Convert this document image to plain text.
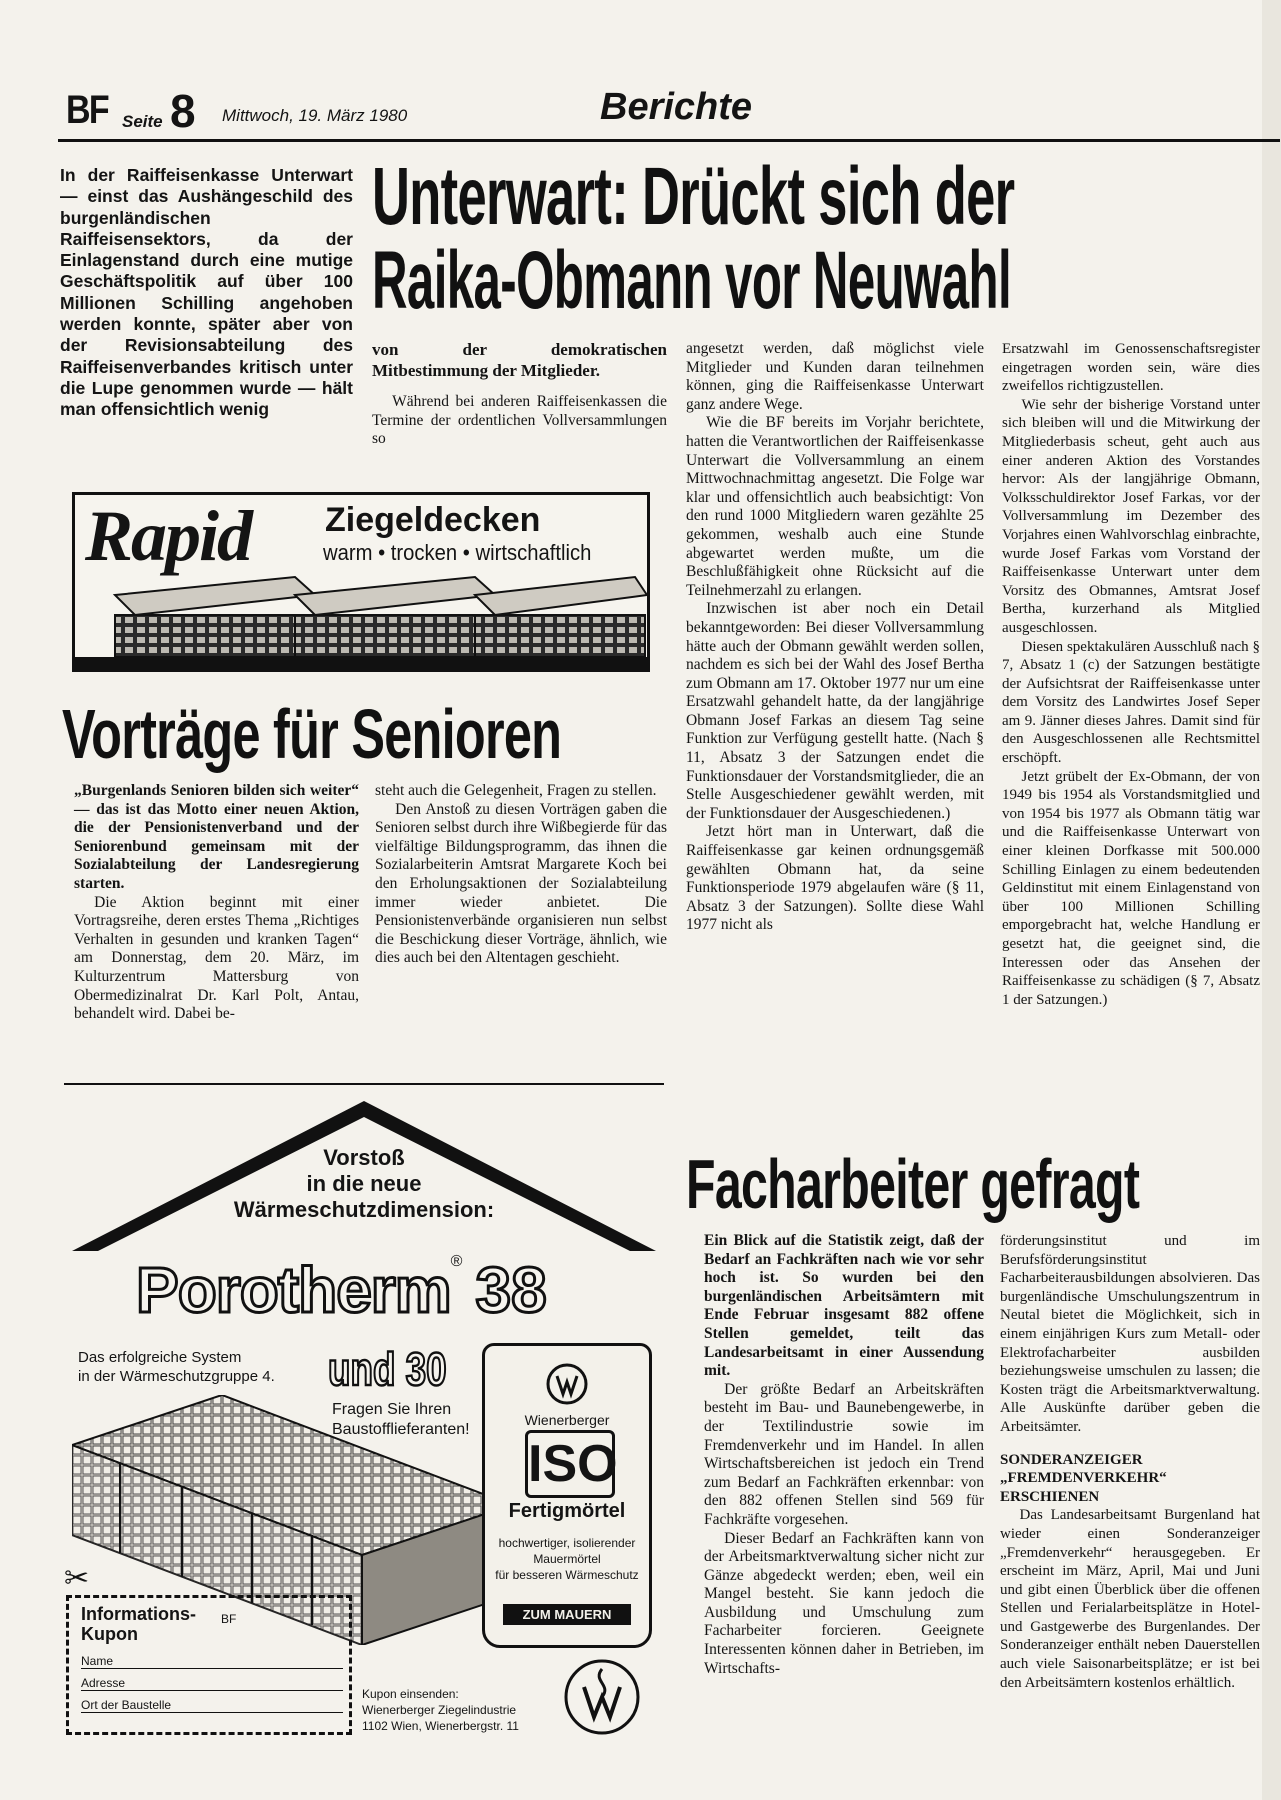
BF Seite 8 Mittwoch, 19. März 1980	Berichte
In der Raiffeisenkasse Unterwart — einst das Aushängeschild des burgenländischen Raiffeisensektors, da der Einlagenstand durch eine mutige Geschäftspolitik auf über 100 Millionen Schilling angehoben werden konnte, später aber von der Revisionsabteilung des Raiffeisenverbandes kritisch unter die Lupe genommen wurde — hält man offensichtlich wenig
Unterwart: Drückt sich der
Raika-Obmann vor Neuwahl

von der demokratischen Mitbestimmung der Mitglieder.

Während bei anderen Raiffeisenkassen die Termine der ordentlichen Vollversammlungen so

angesetzt werden, daß möglichst viele Mitglieder und Kunden daran teilnehmen können, ging die Raiffeisenkasse Unterwart ganz andere Wege.

Wie die BF bereits im Vorjahr berichtete, hatten die Verantwortlichen der Raiffeisenkasse Unterwart die Vollversammlung an einem Mittwochnachmittag angesetzt. Die Folge war klar und offensichtlich auch beabsichtigt: Von den rund 1000 Mitgliedern waren gezählte 25 gekommen, weshalb auch eine Stunde abgewartet werden mußte, um die Beschlußfähigkeit ohne Rücksicht auf die Teilnehmerzahl zu erlangen.

Inzwischen ist aber noch ein Detail bekanntgeworden: Bei dieser Vollversammlung hätte auch der Obmann gewählt werden sollen, nachdem es sich bei der Wahl des Josef Bertha zum Obmann am 17. Oktober 1977 nur um eine Ersatzwahl gehandelt hatte, da der langjährige Obmann Josef Farkas an diesem Tag seine Funktion zur Verfügung gestellt hatte. (Nach § 11, Absatz 3 der Satzungen endet die Funktionsdauer der Vorstandsmitglieder, die an Stelle Ausgeschiedener gewählt werden, mit der Funktionsdauer der Ausgeschiedenen.)

Jetzt hört man in Unterwart, daß die Raiffeisenkasse gar keinen ordnungsgemäß gewählten Obmann hat, da seine Funktionsperiode 1979 abgelaufen wäre (§ 11, Absatz 3 der Satzungen). Sollte diese Wahl 1977 nicht als

Ersatzwahl im Genossenschaftsregister eingetragen worden sein, wäre dies zweifellos richtigzustellen.

Wie sehr der bisherige Vorstand unter sich bleiben will und die Mitwirkung der Mitgliederbasis scheut, geht auch aus einer anderen Aktion des Vorstandes hervor: Als der langjährige Obmann, Volksschuldirektor Josef Farkas, vor der Vollversammlung im Dezember des Vorjahres einen Wahlvorschlag einbrachte, wurde Josef Farkas vom Vorstand der Raiffeisenkasse Unterwart unter dem Vorsitz des Obmannes, Amtsrat Josef Bertha, kurzerhand als Mitglied ausgeschlossen.

Diesen spektakulären Ausschluß nach § 7, Absatz 1 (c) der Satzungen bestätigte der Aufsichtsrat der Raiffeisenkasse unter dem Vorsitz des Landwirtes Josef Seper am 9. Jänner dieses Jahres. Damit sind für den Ausgeschlossenen alle Rechtsmittel erschöpft.

Jetzt grübelt der Ex-Obmann, der von 1949 bis 1954 als Vorstandsmitglied und von 1954 bis 1977 als Obmann tätig war und die Raiffeisenkasse Unterwart von einer kleinen Dorfkasse mit 500.000 Schilling Einlagen zu einem bedeutenden Geldinstitut mit einem Einlagenstand von über 100 Millionen Schilling emporgebracht hat, welche Handlung er gesetzt hat, die geeignet sind, die Interessen oder das Ansehen der Raiffeisenkasse zu schädigen (§ 7, Absatz 1 der Satzungen.)

Rapid Ziegeldecken
warm • trocken • wirtschaftlich
Vorträge für Senioren

„Burgenlands Senioren bilden sich weiter“ — das ist das Motto einer neuen Aktion, die der Pensionistenverband und der Seniorenbund gemeinsam mit der Sozialabteilung der Landesregierung starten.

Die Aktion beginnt mit einer Vortragsreihe, deren erstes Thema „Richtiges Verhalten in gesunden und kranken Tagen“ am Donnerstag, dem 20. März, im Kulturzentrum Mattersburg von Obermedizinalrat Dr. Karl Polt, Antau, behandelt wird. Dabei be-

steht auch die Gelegenheit, Fragen zu stellen.

Den Anstoß zu diesen Vorträgen gaben die Senioren selbst durch ihre Wißbegierde für das vielfältige Bildungsprogramm, das ihnen die Sozialarbeiterin Amtsrat Margarete Koch bei den Erholungsaktionen der Sozialabteilung immer wieder anbietet. Die Pensionistenverbände organisieren nun selbst die Beschickung dieser Vorträge, ähnlich, wie dies auch bei den Altentagen geschieht.

Vorstoß
in die neue
Wärmeschutzdimension:
Porotherm® 38
und 30
Das erfolgreiche System
in der Wärmeschutzgruppe 4.
Fragen Sie Ihren
Baustofflieferanten!
Wienerberger
ISO
Fertigmörtel
hochwertiger, isolierender
Mauermörtel
für besseren Wärmeschutz
ZUM MAUERN
✂
Informations-
Kupon
BF
Name
Adresse
Ort der Baustelle
Kupon einsenden:
Wienerberger Ziegelindustrie
1102 Wien, Wienerbergstr. 11
Facharbeiter gefragt

Ein Blick auf die Statistik zeigt, daß der Bedarf an Fachkräften nach wie vor sehr hoch ist. So wurden bei den burgenländischen Arbeitsämtern mit Ende Februar insgesamt 882 offene Stellen gemeldet, teilt das Landesarbeitsamt in einer Aussendung mit.

Der größte Bedarf an Arbeitskräften besteht im Bau- und Baunebengewerbe, in der Textilindustrie sowie im Fremdenverkehr und im Handel. In allen Wirtschaftsbereichen ist jedoch ein Trend zum Bedarf an Fachkräften erkennbar: von den 882 offenen Stellen sind 569 für Fachkräfte vorgesehen.

Dieser Bedarf an Fachkräften kann von der Arbeitsmarktverwaltung sicher nicht zur Gänze abgedeckt werden; eben, weil ein Mangel besteht. Sie kann jedoch die Ausbildung und Umschulung zum Facharbeiter forcieren. Geeignete Interessenten können daher in Betrieben, im Wirtschafts-

förderungsinstitut und im Berufsförderungsinstitut Facharbeiterausbildungen absolvieren. Das burgenländische Umschulungszentrum in Neutal bietet die Möglichkeit, sich in einem einjährigen Kurs zum Metall- oder Elektrofacharbeiter ausbilden beziehungsweise umschulen zu lassen; die Kosten trägt die Arbeitsmarktverwaltung. Alle Auskünfte darüber geben die Arbeitsämter.

SONDERANZEIGER „FREMDENVERKEHR“ ERSCHIENEN

Das Landesarbeitsamt Burgenland hat wieder einen Sonderanzeiger „Fremdenverkehr“ herausgegeben. Er erscheint im März, April, Mai und Juni und gibt einen Überblick über die offenen Stellen und Ferialarbeitsplätze in Hotel- und Gastgewerbe des Burgenlandes. Der Sonderanzeiger enthält neben Dauerstellen auch viele Saisonarbeitsplätze; er ist bei den Arbeitsämtern kostenlos erhältlich.
